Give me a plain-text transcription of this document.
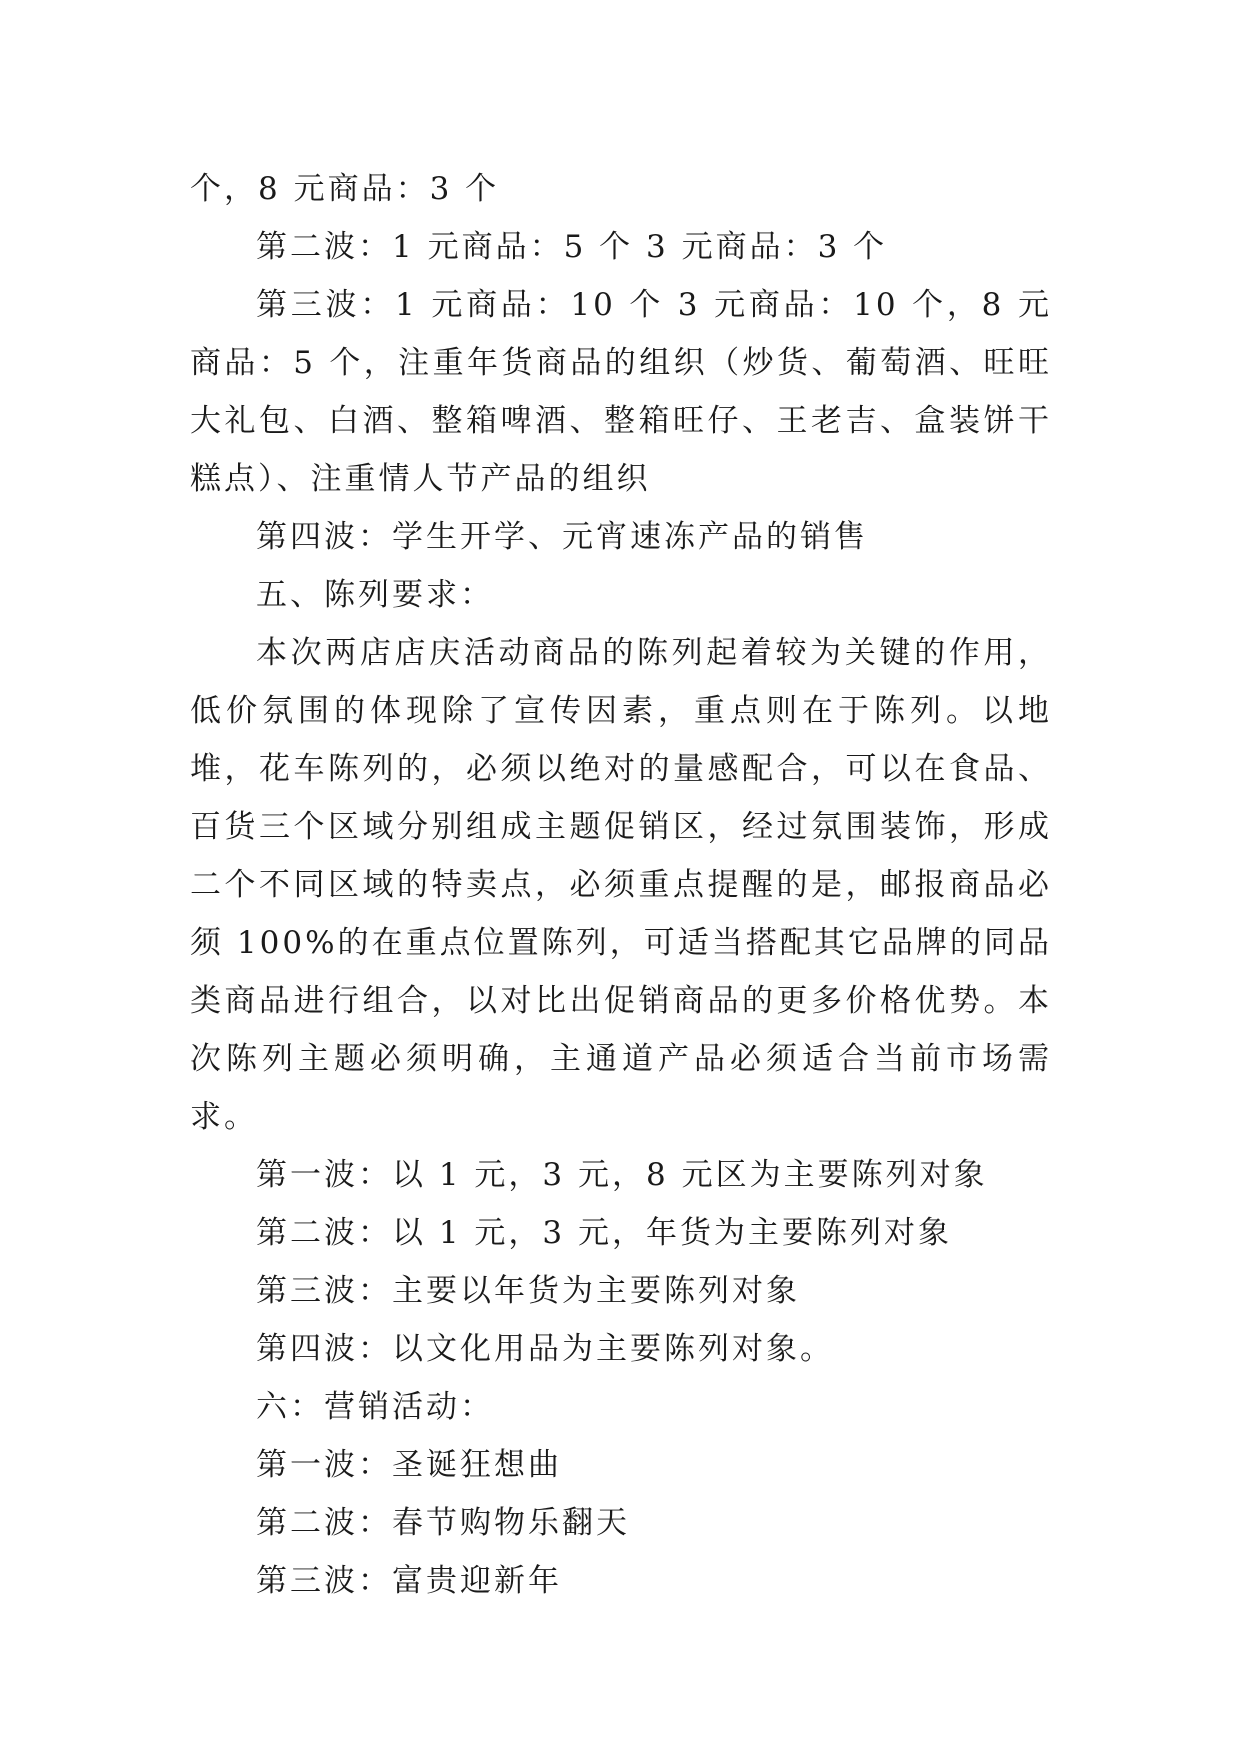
个，8 元商品：3 个

第二波：1 元商品：5 个 3 元商品：3 个

第三波：1 元商品：10 个 3 元商品：10 个，8 元商品：5 个，注重年货商品的组织（炒货、葡萄酒、旺旺大礼包、白酒、整箱啤酒、整箱旺仔、王老吉、盒装饼干糕点）、注重情人节产品的组织

第四波：学生开学、元宵速冻产品的销售

五、陈列要求：

本次两店店庆活动商品的陈列起着较为关键的作用，低价氛围的体现除了宣传因素，重点则在于陈列。以地堆，花车陈列的，必须以绝对的量感配合，可以在食品、百货三个区域分别组成主题促销区，经过氛围装饰，形成二个不同区域的特卖点，必须重点提醒的是，邮报商品必须 100%的在重点位置陈列，可适当搭配其它品牌的同品类商品进行组合，以对比出促销商品的更多价格优势。本次陈列主题必须明确，主通道产品必须适合当前市场需求。

第一波：以 1 元，3 元，8 元区为主要陈列对象

第二波：以 1 元，3 元，年货为主要陈列对象

第三波：主要以年货为主要陈列对象

第四波：以文化用品为主要陈列对象。

六：营销活动：

第一波：圣诞狂想曲

第二波：春节购物乐翻天

第三波：富贵迎新年
